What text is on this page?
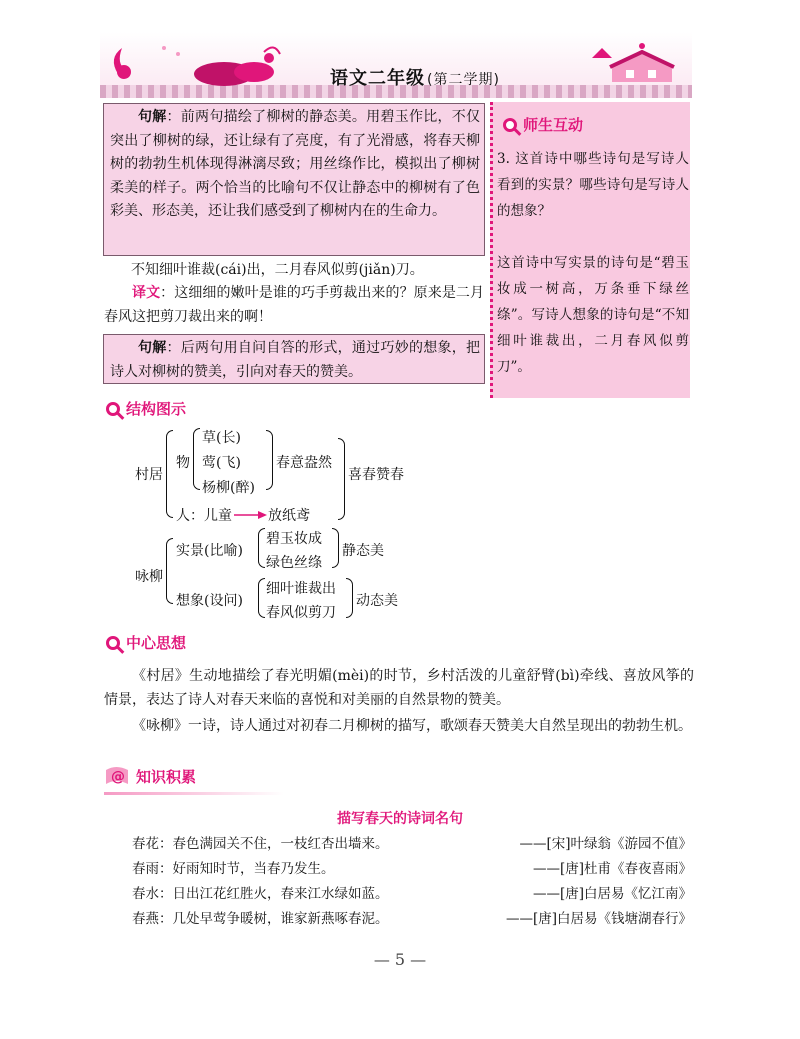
语文二年级 (第二学期)
句解：前两句描绘了柳树的静态美。用碧玉作比，不仅突出了柳树的绿，还让绿有了亮度，有了光滑感，将春天柳树的勃勃生机体现得淋漓尽致；用丝绦作比，模拟出了柳树柔美的样子。两个恰当的比喻句不仅让静态中的柳树有了色彩美、形态美，还让我们感受到了柳树内在的生命力。
不知细叶谁裁(cái)出，二月春风似剪(jiǎn)刀。
译文：这细细的嫩叶是谁的巧手剪裁出来的？原来是二月春风这把剪刀裁出来的啊！
句解：后两句用自问自答的形式，通过巧妙的想象，把诗人对柳树的赞美，引向对春天的赞美。
师生互动
3. 这首诗中哪些诗句是写诗人看到的实景？哪些诗句是写诗人的想象？
这首诗中写实景的诗句是“碧玉妆成一树高，万条垂下绿丝绦”。写诗人想象的诗句是“不知细叶谁裁出，二月春风似剪刀”。
结构图示
村居
物
草(长)
莺(飞)
杨柳(醉)
春意盎然
喜春赞春
人：儿童	放纸鸢
咏柳
实景(比喻)
碧玉妆成
绿色丝绦
静态美
想象(设问)
细叶谁裁出
春风似剪刀
动态美
中心思想
《村居》生动地描绘了春光明媚(mèi)的时节，乡村活泼的儿童舒臂(bì)牵线、喜放风筝的情景，表达了诗人对春天来临的喜悦和对美丽的自然景物的赞美。
《咏柳》一诗，诗人通过对初春二月柳树的描写，歌颂春天赞美大自然呈现出的勃勃生机。
@ 知识积累
描写春天的诗词名句
春花：春色满园关不住，一枝红杏出墙来。	——[宋]叶绿翁《游园不值》
春雨：好雨知时节，当春乃发生。	——[唐]杜甫《春夜喜雨》
春水：日出江花红胜火，春来江水绿如蓝。	——[唐]白居易《忆江南》
春燕：几处早莺争暖树，谁家新燕啄春泥。	——[唐]白居易《钱塘湖春行》
— 5 —
